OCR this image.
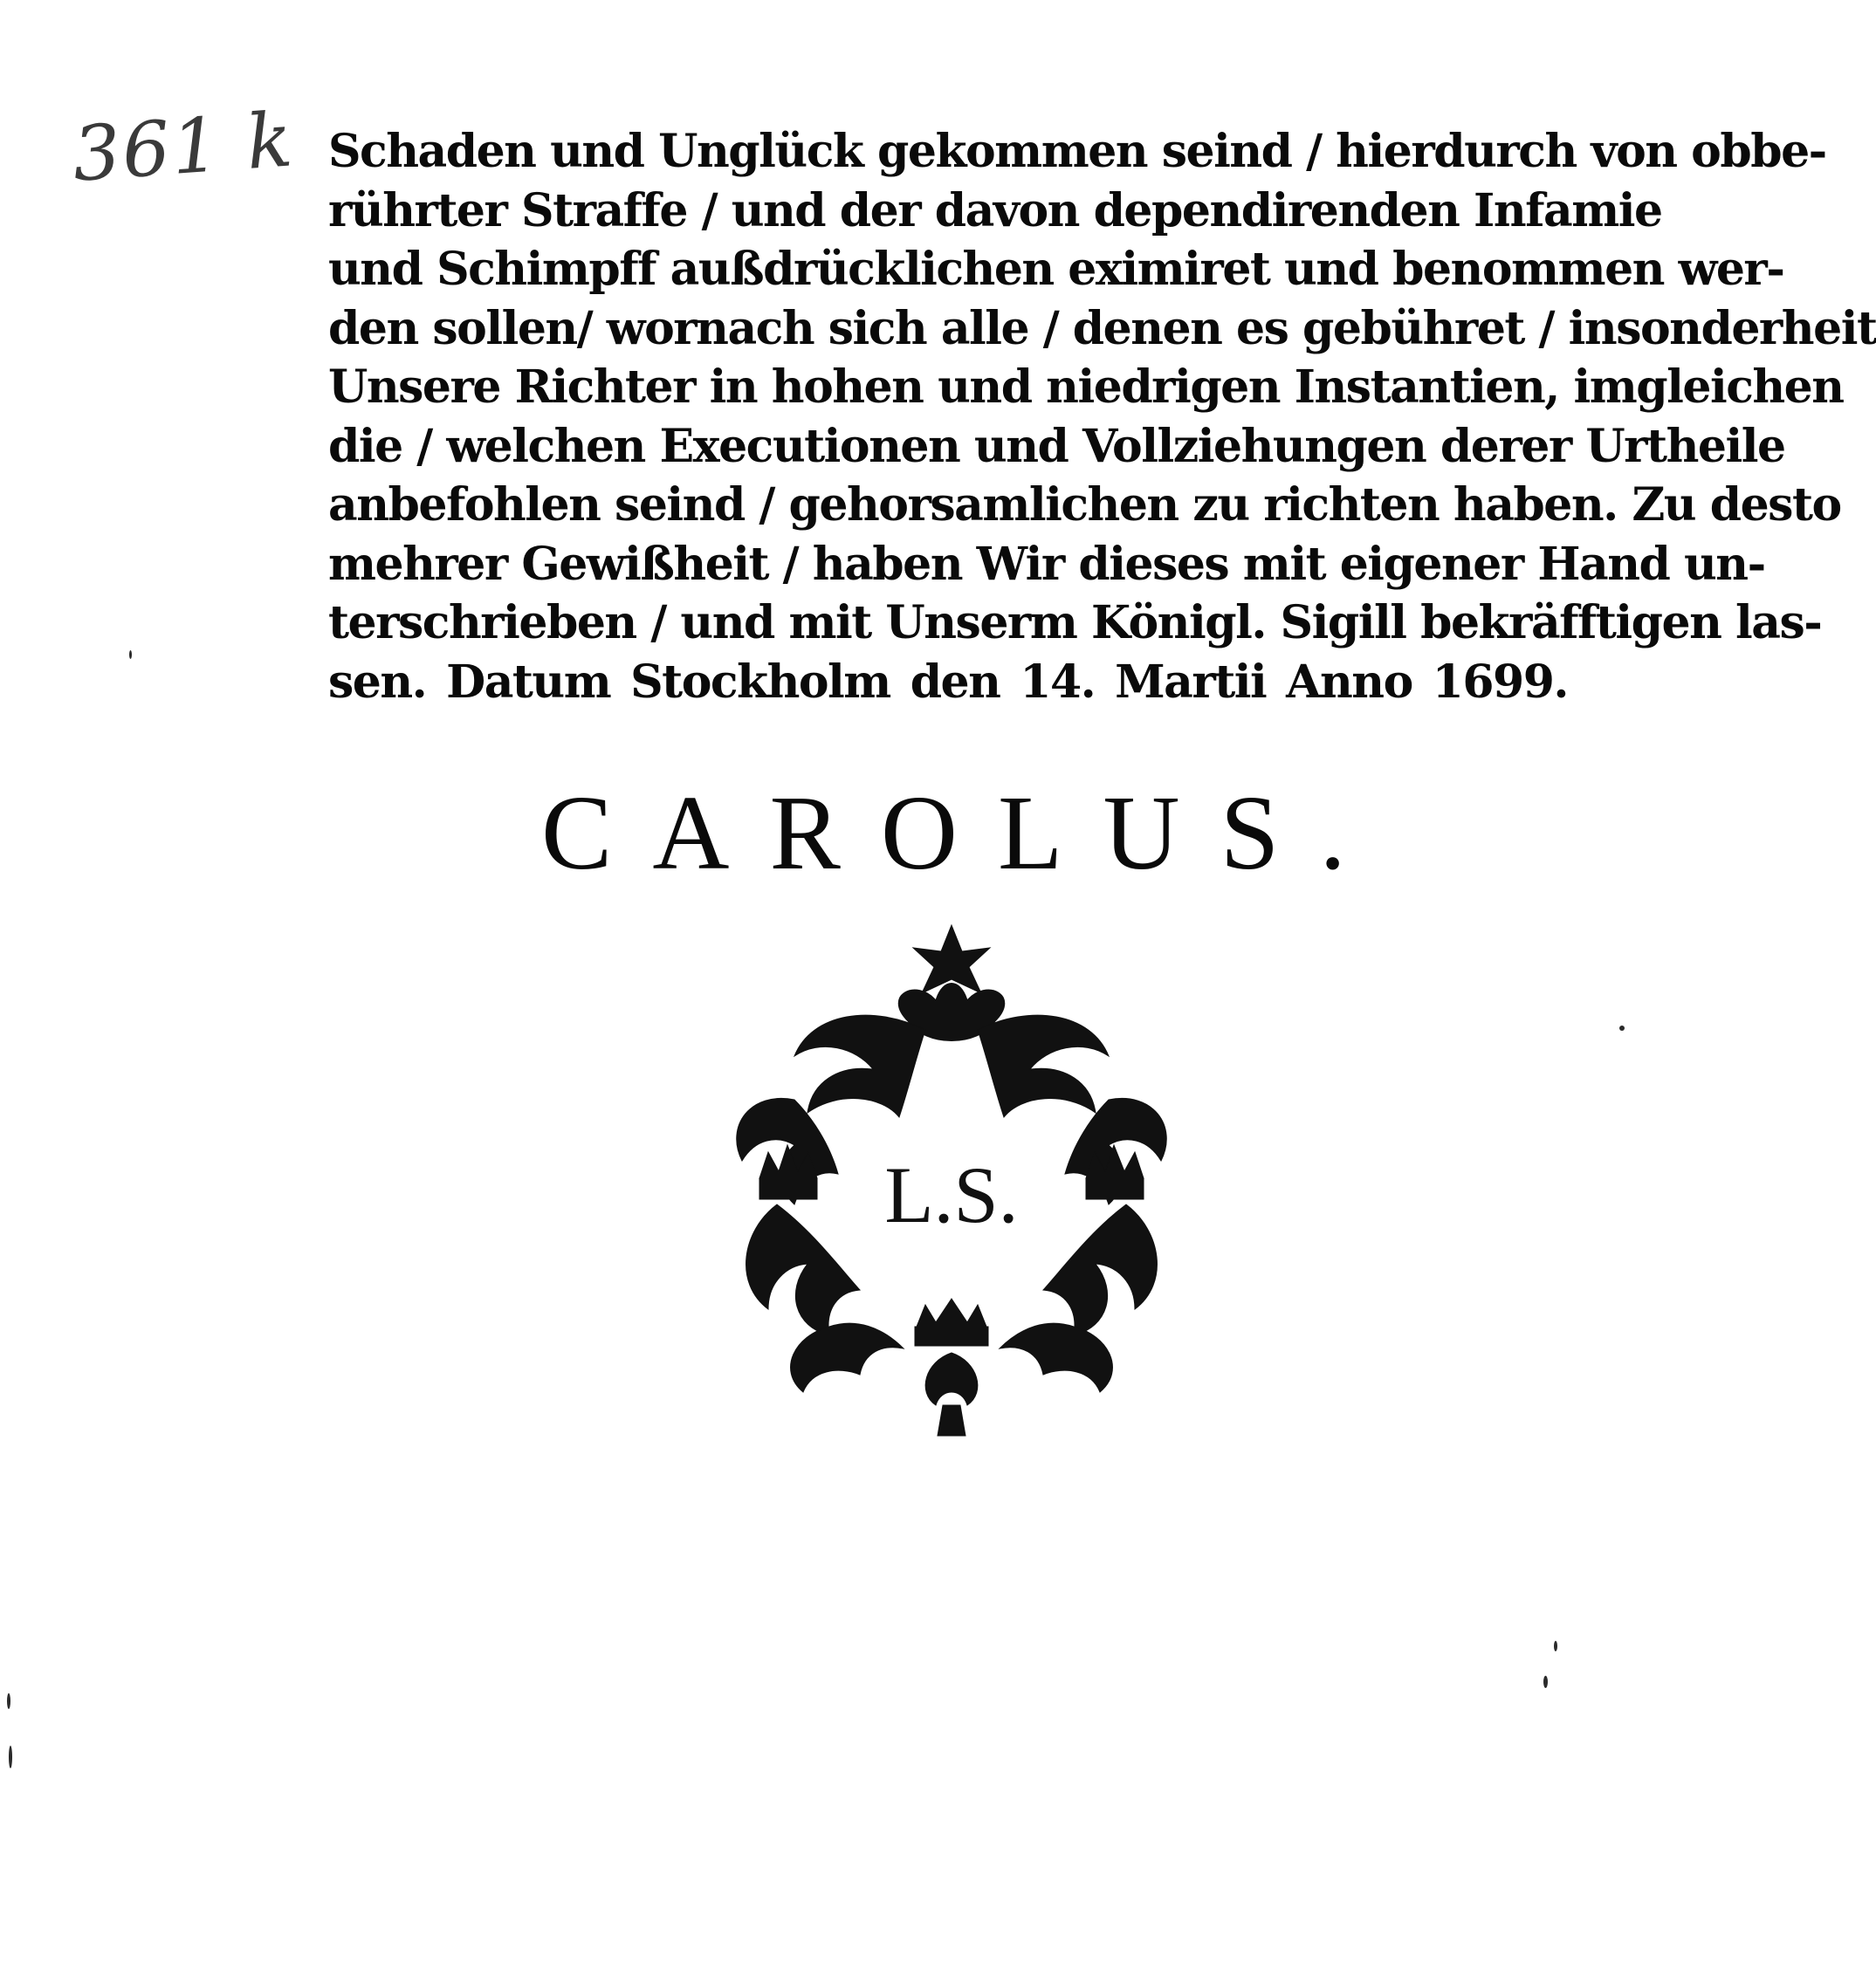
361 k Schaden und Unglück gekommen seind / hierdurch von obbe-
rührter Straffe / und der davon dependirenden Infamie
und Schimpff außdrücklichen eximiret und benommen wer-
den sollen/ wornach sich alle / denen es gebühret / insonderheit
Unsere Richter in hohen und niedrigen Instantien, imgleichen
die / welchen Executionen und Vollziehungen derer Urtheile
anbefohlen seind / gehorsamlichen zu richten haben. Zu desto
mehrer Gewißheit / haben Wir dieses mit eigener Hand un-
terschrieben / und mit Unserm Königl. Sigill bekräfftigen las-
sen. Datum Stockholm den 14. Martii Anno 1699.
CAROLUS.
L.S.
